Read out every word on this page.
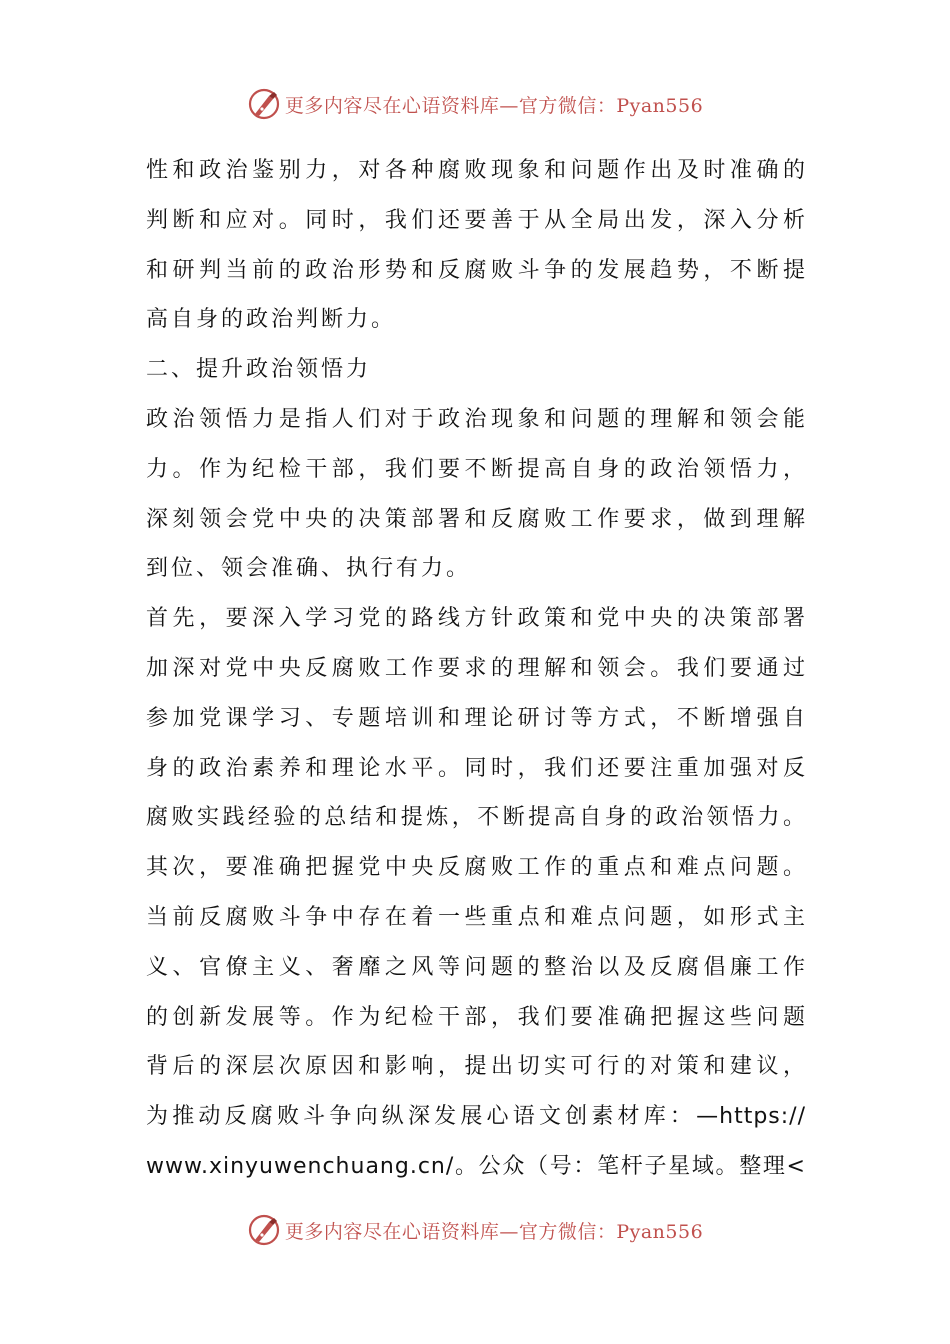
更多内容尽在心语资料库—官方微信：Pyan556
性和政治鉴别力，对各种腐败现象和问题作出及时准确的
判断和应对。同时，我们还要善于从全局出发，深入分析
和研判当前的政治形势和反腐败斗争的发展趋势，不断提
高自身的政治判断力。
二、提升政治领悟力
政治领悟力是指人们对于政治现象和问题的理解和领会能
力。作为纪检干部，我们要不断提高自身的政治领悟力，
深刻领会党中央的决策部署和反腐败工作要求，做到理解
到位、领会准确、执行有力。
首先，要深入学习党的路线方针政策和党中央的决策部署
加深对党中央反腐败工作要求的理解和领会。我们要通过
参加党课学习、专题培训和理论研讨等方式，不断增强自
身的政治素养和理论水平。同时，我们还要注重加强对反
腐败实践经验的总结和提炼，不断提高自身的政治领悟力。
其次，要准确把握党中央反腐败工作的重点和难点问题。
当前反腐败斗争中存在着一些重点和难点问题，如形式主
义、官僚主义、奢靡之风等问题的整治以及反腐倡廉工作
的创新发展等。作为纪检干部，我们要准确把握这些问题
背后的深层次原因和影响，提出切实可行的对策和建议，
为推动反腐败斗争向纵深发展心语文创素材库：—https://
www.xinyuwenchuang.cn/。公众（号：笔杆子星域。整理<
更多内容尽在心语资料库—官方微信：Pyan556
